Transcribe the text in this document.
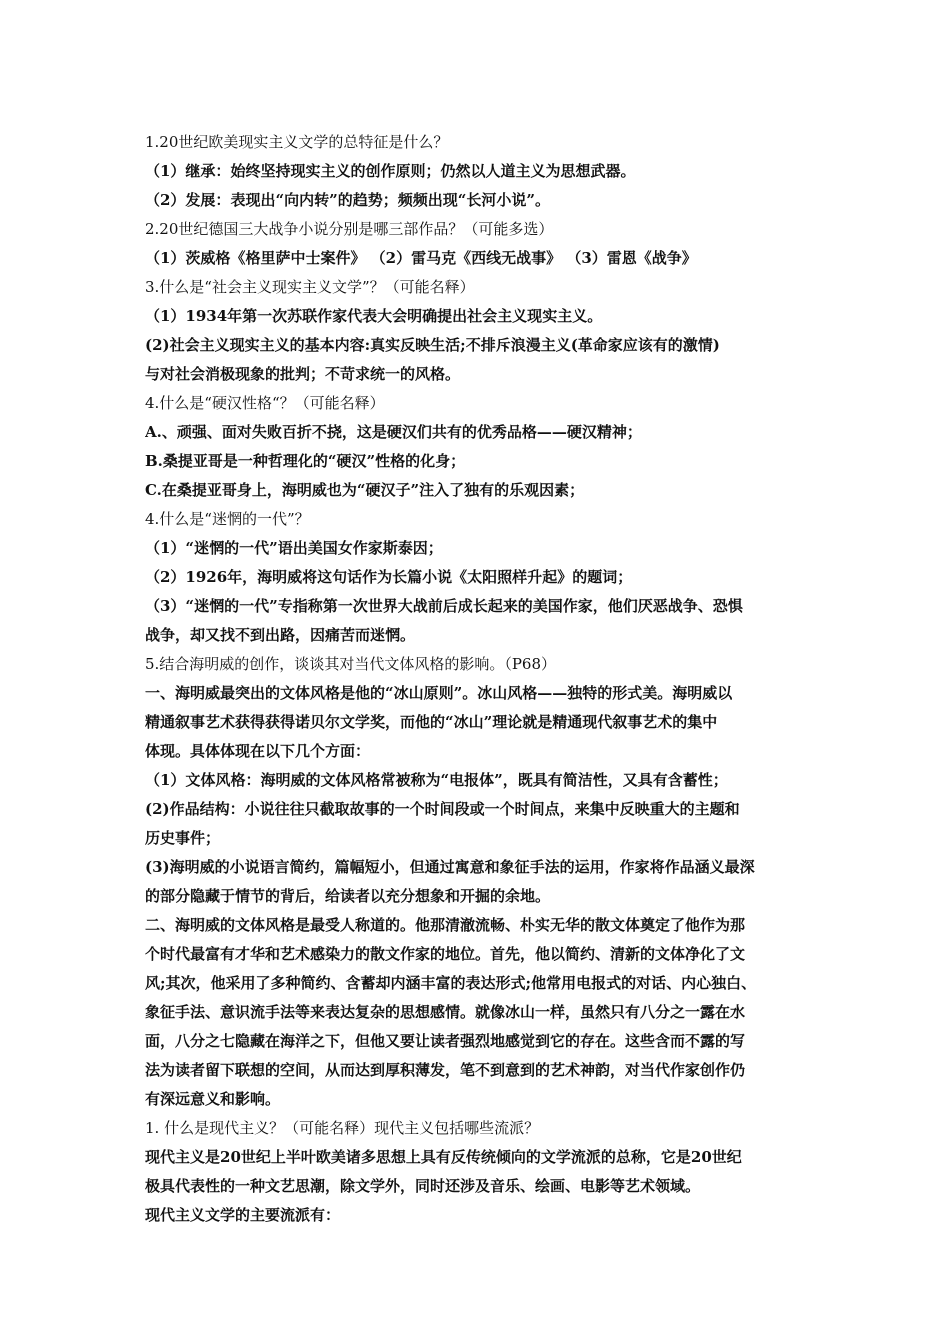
1.20世纪欧美现实主义文学的总特征是什么？
（1）继承：始终坚持现实主义的创作原则；仍然以人道主义为思想武器。
（2）发展：表现出“向内转”的趋势；频频出现“长河小说”。
2.20世纪德国三大战争小说分别是哪三部作品？（可能多选）
（1）茨威格《格里萨中士案件》 （2）雷马克《西线无战事》 （3）雷恩《战争》
3.什么是“社会主义现实主义文学”？（可能名释）
（1）1934年第一次苏联作家代表大会明确提出社会主义现实主义。
(2)社会主义现实主义的基本内容:真实反映生活;不排斥浪漫主义(革命家应该有的激情)
与对社会消极现象的批判；不苛求统一的风格。
4.什么是“硬汉性格“？（可能名释）
A.、顽强、面对失败百折不挠，这是硬汉们共有的优秀品格——硬汉精神；
B.桑提亚哥是一种哲理化的“硬汉”性格的化身；
C.在桑提亚哥身上，海明威也为“硬汉子”注入了独有的乐观因素；
4.什么是“迷惘的一代”？
（1）“迷惘的一代”语出美国女作家斯泰因；
（2）1926年，海明威将这句话作为长篇小说《太阳照样升起》的题词；
（3）“迷惘的一代”专指称第一次世界大战前后成长起来的美国作家，他们厌恶战争、恐惧
战争，却又找不到出路，因痛苦而迷惘。
5.结合海明威的创作，谈谈其对当代文体风格的影响。（P68）
一、海明威最突出的文体风格是他的“冰山原则”。冰山风格——独特的形式美。海明威以
精通叙事艺术获得获得诺贝尔文学奖，而他的“冰山”理论就是精通现代叙事艺术的集中
体现。具体体现在以下几个方面：
（1）文体风格：海明威的文体风格常被称为“电报体”，既具有简洁性，又具有含蓄性；
(2)作品结构：小说往往只截取故事的一个时间段或一个时间点，来集中反映重大的主题和
历史事件；
(3)海明威的小说语言简约，篇幅短小，但通过寓意和象征手法的运用，作家将作品涵义最深
的部分隐藏于情节的背后，给读者以充分想象和开掘的余地。
二、海明威的文体风格是最受人称道的。他那清澈流畅、朴实无华的散文体奠定了他作为那
个时代最富有才华和艺术感染力的散文作家的地位。首先，他以简约、清新的文体净化了文
风;其次，他采用了多种简约、含蓄却内涵丰富的表达形式;他常用电报式的对话、内心独白、
象征手法、意识流手法等来表达复杂的思想感情。就像冰山一样，虽然只有八分之一露在水
面，八分之七隐藏在海洋之下，但他又要让读者强烈地感觉到它的存在。这些含而不露的写
法为读者留下联想的空间，从而达到厚积薄发，笔不到意到的艺术神韵，对当代作家创作仍
有深远意义和影响。
1. 什么是现代主义？（可能名释）现代主义包括哪些流派？
现代主义是20世纪上半叶欧美诸多思想上具有反传统倾向的文学流派的总称，它是20世纪
极具代表性的一种文艺思潮，除文学外，同时还涉及音乐、绘画、电影等艺术领域。
现代主义文学的主要流派有：
